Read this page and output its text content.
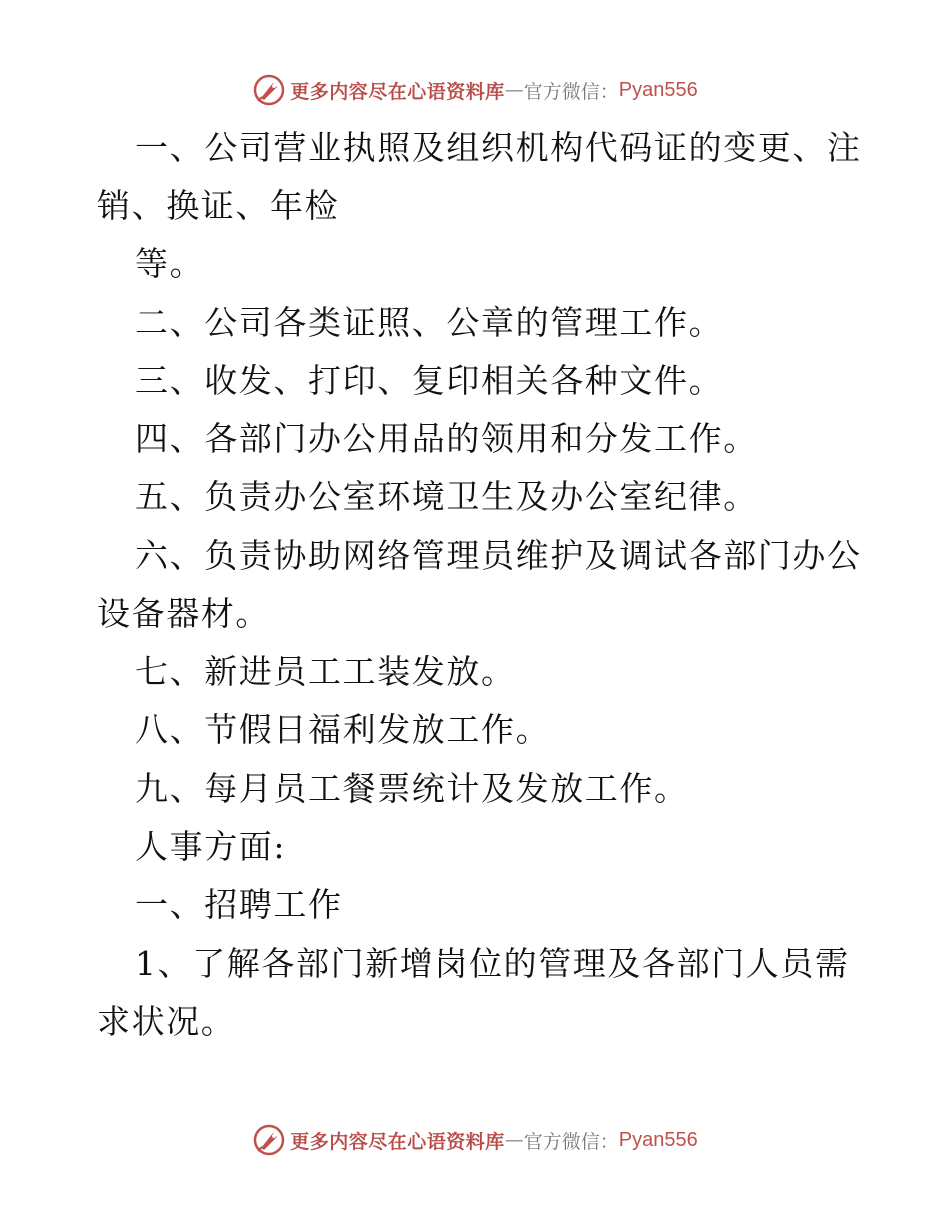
更多内容尽在心语资料库 — 官方微信： Pyan556
一、公司营业执照及组织机构代码证的变更、注
销、换证、年检
等。
二、公司各类证照、公章的管理工作。
三、收发、打印、复印相关各种文件。
四、各部门办公用品的领用和分发工作。
五、负责办公室环境卫生及办公室纪律。
六、负责协助网络管理员维护及调试各部门办公
设备器材。
七、新进员工工装发放。
八、节假日福利发放工作。
九、每月员工餐票统计及发放工作。
人事方面:
一、招聘工作
1、了解各部门新增岗位的管理及各部门人员需
求状况。
更多内容尽在心语资料库 — 官方微信： Pyan556
